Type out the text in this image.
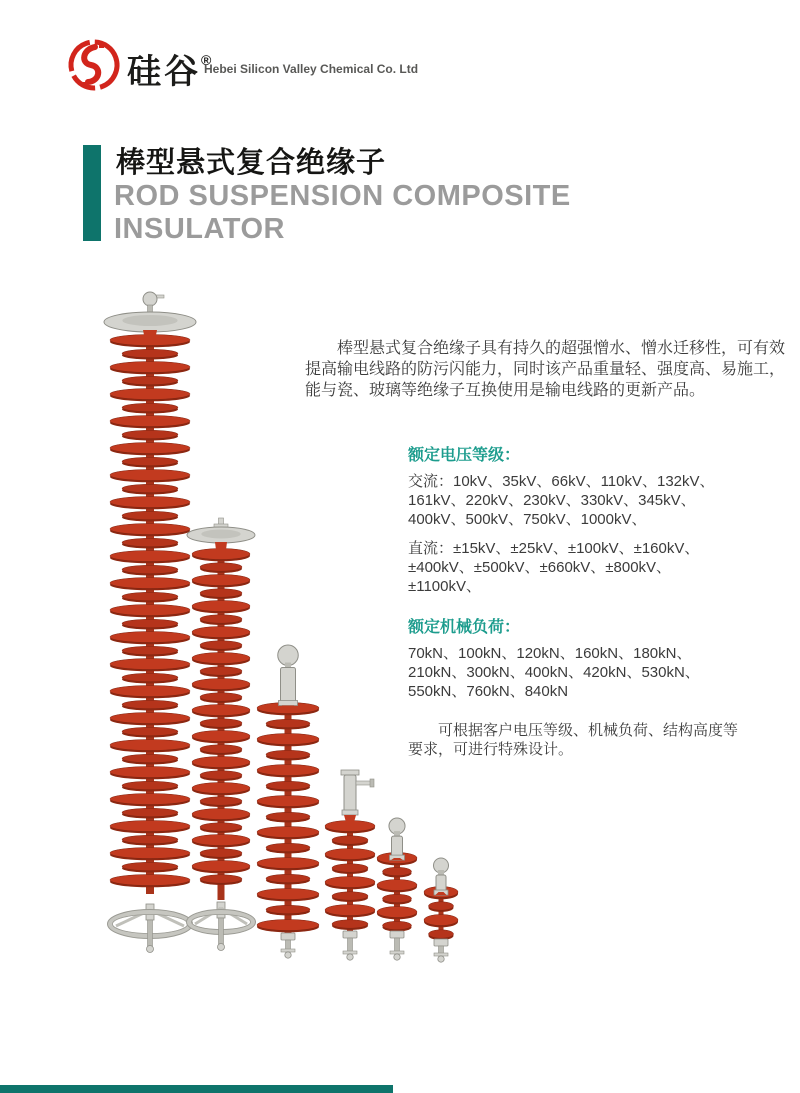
硅谷®
Hebei Silicon Valley Chemical Co. Ltd
棒型悬式复合绝缘子
ROD SUSPENSION COMPOSITE
INSULATOR
　　棒型悬式复合绝缘子具有持久的超强憎水、憎水迁移性，可有效
提高输电线路的防污闪能力，同时该产品重量轻、强度高、易施工，
能与瓷、玻璃等绝缘子互换使用是输电线路的更新产品。
额定电压等级：
交流：10kV、35kV、66kV、110kV、132kV、
161kV、220kV、230kV、330kV、345kV、
400kV、500kV、750kV、1000kV、
直流：±15kV、±25kV、±100kV、±160kV、
±400kV、±500kV、±660kV、±800kV、
±1100kV、
额定机械负荷：
70kN、100kN、120kN、160kN、180kN、
210kN、300kN、400kN、420kN、530kN、
550kN、760kN、840kN
　　可根据客户电压等级、机械负荷、结构高度等
要求，可进行特殊设计。
